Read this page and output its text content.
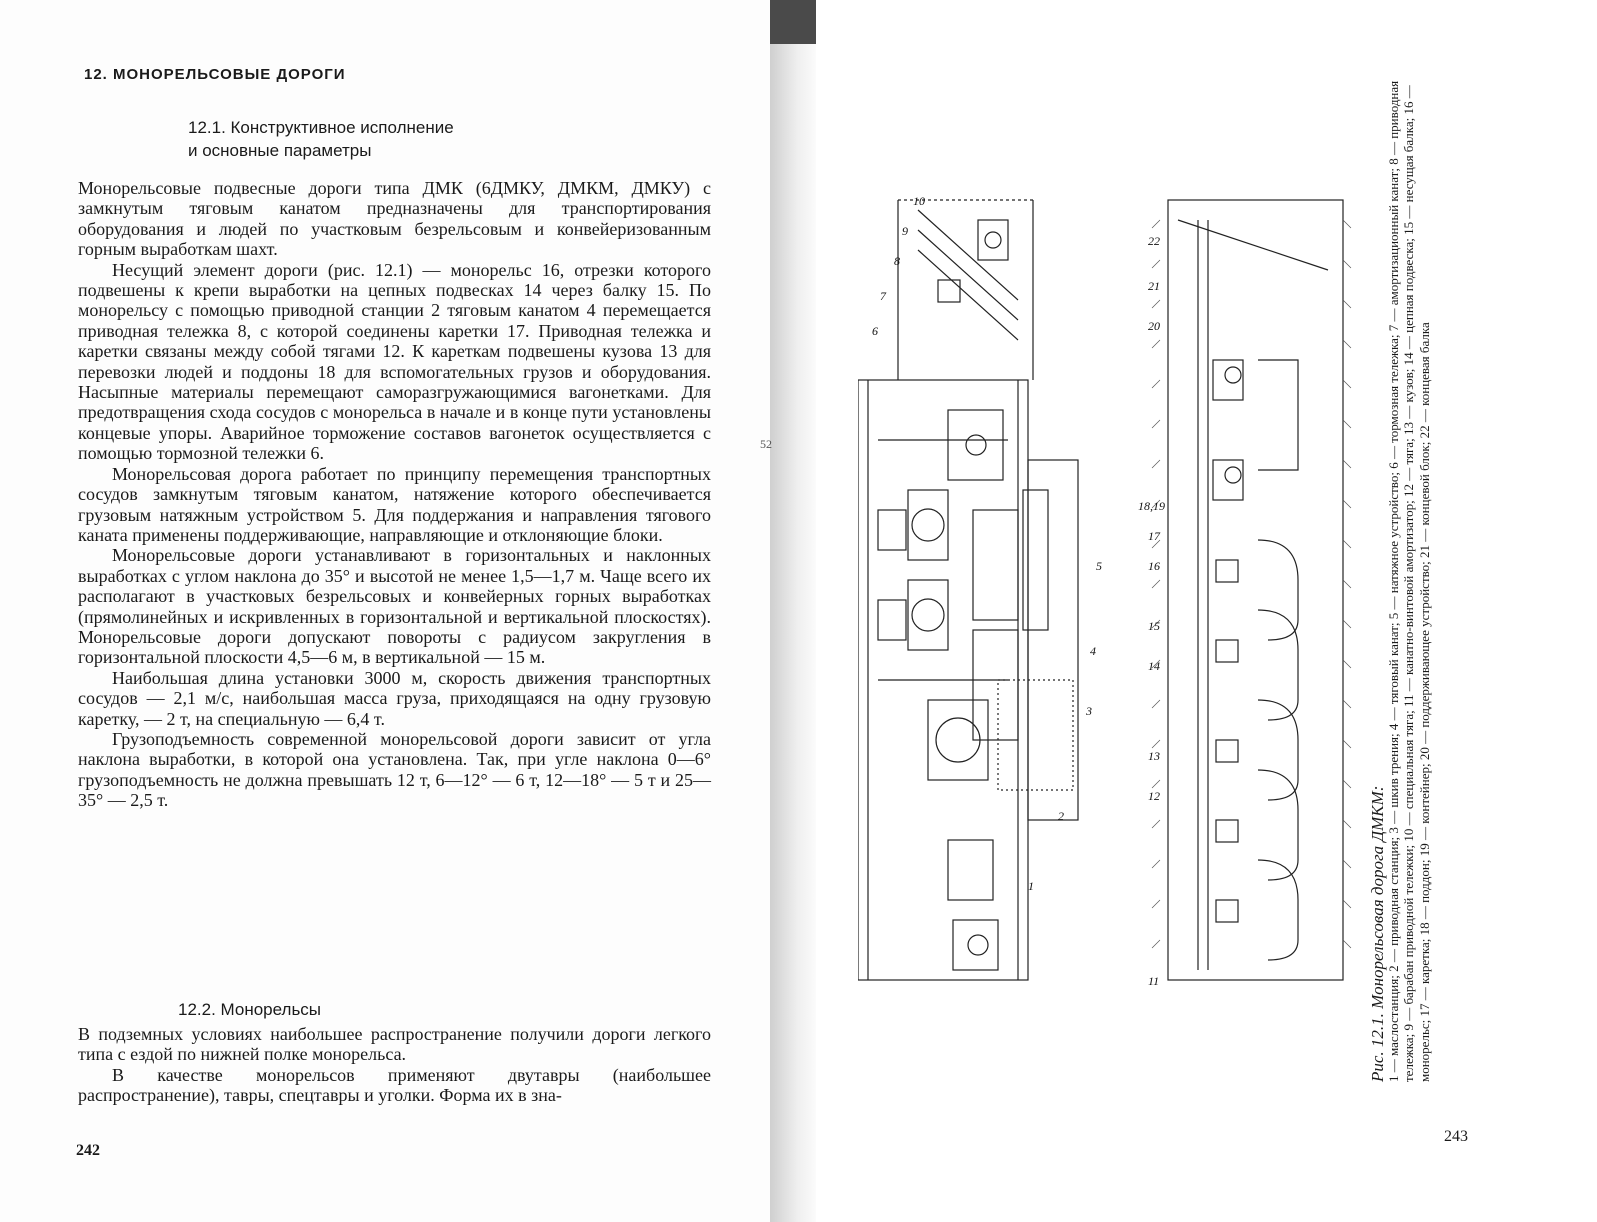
12. МОНОРЕЛЬСОВЫЕ ДОРОГИ
12.1. Конструктивное исполнение
и основные параметры

Монорельсовые подвесные дороги типа ДМК (6ДМКУ, ДМКМ, ДМКУ) с замкнутым тяговым канатом предназначены для транспортирования оборудования и людей по участковым безрельсовым и конвейеризованным горным выработкам шахт.

Несущий элемент дороги (рис. 12.1) — монорельс 16, отрезки которого подвешены к крепи выработки на цепных подвесках 14 через балку 15. По монорельсу с помощью приводной станции 2 тяговым канатом 4 перемещается приводная тележка 8, с которой соединены каретки 17. Приводная тележка и каретки связаны между собой тягами 12. К кареткам подвешены кузова 13 для перевозки людей и поддоны 18 для вспомогательных грузов и оборудования. Насыпные материалы перемещают саморазгружающимися вагонетками. Для предотвращения схода сосудов с монорельса в начале и в конце пути установлены концевые упоры. Аварийное торможение составов вагонеток осуществляется с помощью тормозной тележки 6.

Монорельсовая дорога работает по принципу перемещения транспортных сосудов замкнутым тяговым канатом, натяжение которого обеспечивается грузовым натяжным устройством 5. Для поддержания и направления тягового каната применены поддерживающие, направляющие и отклоняющие блоки.

Монорельсовые дороги устанавливают в горизонтальных и наклонных выработках с углом наклона до 35° и высотой не менее 1,5—1,7 м. Чаще всего их располагают в участковых безрельсовых и конвейерных горных выработках (прямолинейных и искривленных в горизонтальной и вертикальной плоскостях). Монорельсовые дороги допускают повороты с радиусом закругления в горизонтальной плоскости 4,5—6 м, в вертикальной — 15 м.

Наибольшая длина установки 3000 м, скорость движения транспортных сосудов — 2,1 м/с, наибольшая масса груза, приходящаяся на одну грузовую каретку, — 2 т, на специальную — 6,4 т.

Грузоподъемность современной монорельсовой дороги зависит от угла наклона выработки, в которой она установлена. Так, при угле наклона 0—6° грузоподъемность не должна превышать 12 т, 6—12° — 6 т, 12—18° — 5 т и 25—35° — 2,5 т.

12.2. Монорельсы

В подземных условиях наибольшее распространение получили дороги легкого типа с ездой по нижней полке монорельса.

В качестве монорельсов применяют двутавры (наибольшее распространение), тавры, спецтавры и уголки. Форма их в зна-

242
52
10
9
8
7
6
5
4
3
2
1
22
21
20
18,19
17
16
15
14
13
12
11	Рис. 12.1. Монорельсовая дорога ДМКМ:
1 — маслостанция; 2 — приводная станция; 3 — шкив трения; 4 — тяговый канат; 5 — натяжное устройство; 6 — тормозная тележка; 7 — амортизационный канат; 8 — приводная тележка; 9 — барабан приводной тележки; 10 — специальная тяга; 11 — канатно-винтовой амортизатор; 12 — тяга; 13 — кузов; 14 — цепная подвеска; 15 — несущая балка; 16 — монорельс; 17 — каретка; 18 — поддон; 19 — контейнер; 20 — поддерживающее устройство; 21 — концевой блок; 22 — концевая балка
243
